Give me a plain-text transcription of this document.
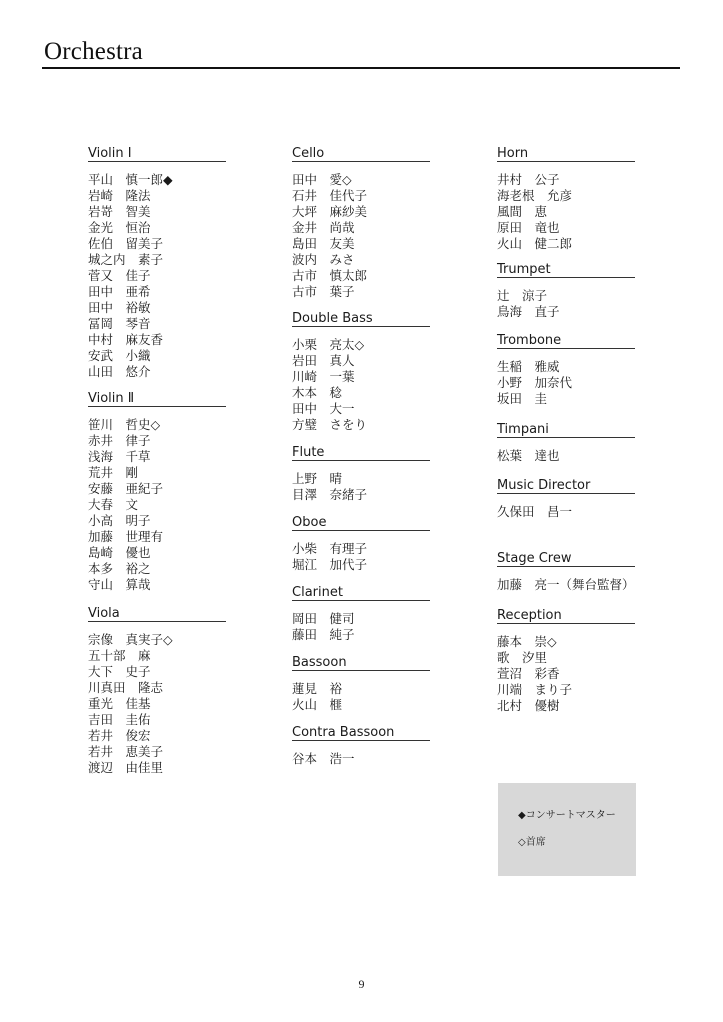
Orchestra
Violin Ⅰ
平山　慎一郎◆
岩崎　隆法
岩嵜　智美
金光　恒治
佐伯　留美子
城之内　素子
菅又　佳子
田中　亜希
田中　裕敏
冨岡　琴音
中村　麻友香
安武　小織
山田　悠介
Violin Ⅱ
笹川　哲史◇
赤井　律子
浅海　千草
荒井　剛
安藤　亜紀子
大春　文
小高　明子
加藤　世理有
島崎　優也
本多　裕之
守山　算哉
Viola
宗像　真実子◇
五十部　麻
大下　史子
川真田　隆志
重光　佳基
吉田　圭佑
若井　俊宏
若井　恵美子
渡辺　由佳里
Cello
田中　愛◇
石井　佳代子
大坪　麻紗美
金井　尚哉
島田　友美
波内　みさ
古市　慎太郎
古市　葉子
Double Bass
小栗　亮太◇
岩田　真人
川崎　一葉
木本　稔
田中　大一
方璧　さをり
Flute
上野　晴
目澤　奈緒子
Oboe
小柴　有理子
堀江　加代子
Clarinet
岡田　健司
藤田　純子
Bassoon
蓮見　裕
火山　榧
Contra Bassoon
谷本　浩一
Horn
井村　公子
海老根　允彦
風間　恵
原田　竜也
火山　健二郎
Trumpet
辻　涼子
鳥海　直子
Trombone
生稲　雅威
小野　加奈代
坂田　圭
Timpani
松葉　達也
Music Director
久保田　昌一
Stage Crew
加藤　亮一（舞台監督）
Reception
藤本　崇◇
歌　汐里
萱沼　彩香
川端　まり子
北村　優樹
◆コンサートマスター
◇首席
9
